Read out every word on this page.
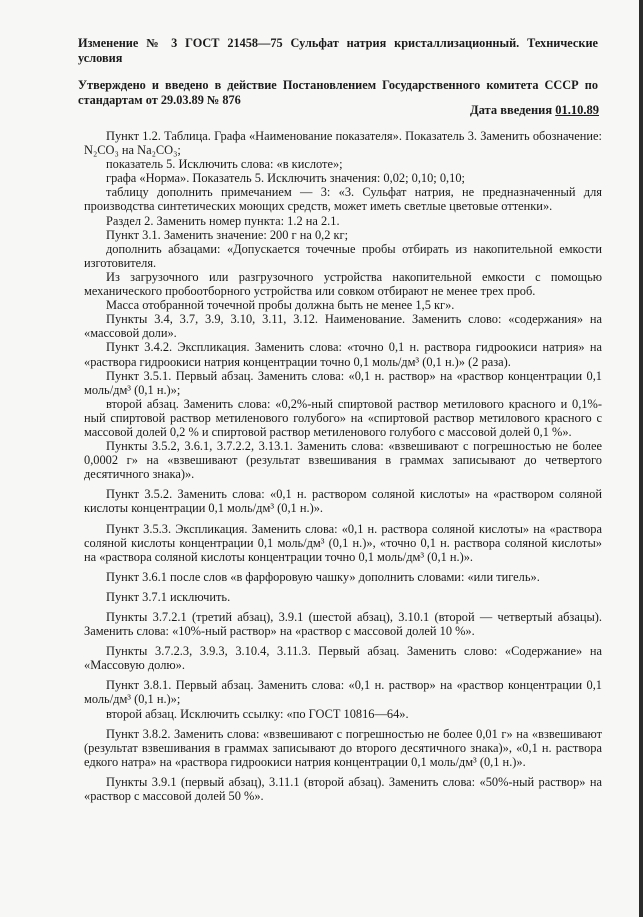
Изменение № 3 ГОСТ 21458—75 Сульфат натрия кристаллизационный. Технические условия
Утверждено и введено в действие Постановлением Государственного комитета СССР по стандартам от 29.03.89 № 876
Дата введения 01.10.89

Пункт 1.2. Таблица. Графа «Наименование показателя». Показатель 3. Заменить обозначение: N₂CO₃ на Na₂CO₃;

показатель 5. Исключить слова: «в кислоте»;

графа «Норма». Показатель 5. Исключить значения: 0,02; 0,10; 0,10;

таблицу дополнить примечанием — 3: «3. Сульфат натрия, не предназначенный для производства синтетических моющих средств, может иметь светлые цветовые оттенки».

Раздел 2. Заменить номер пункта: 1.2 на 2.1.

Пункт 3.1. Заменить значение: 200 г на 0,2 кг;

дополнить абзацами: «Допускается точечные пробы отбирать из накопительной емкости изготовителя.

Из загрузочного или разгрузочного устройства накопительной емкости с помощью механического пробоотборного устройства или совком отбирают не менее трех проб.

Масса отобранной точечной пробы должна быть не менее 1,5 кг».

Пункты 3.4, 3.7, 3.9, 3.10, 3.11, 3.12. Наименование. Заменить слово: «содержания» на «массовой доли».

Пункт 3.4.2. Экспликация. Заменить слова: «точно 0,1 н. раствора гидроокиси натрия» на «раствора гидроокиси натрия концентрации точно 0,1 моль/дм³ (0,1 н.)» (2 раза).

Пункт 3.5.1. Первый абзац. Заменить слова: «0,1 н. раствор» на «раствор концентрации 0,1 моль/дм³ (0,1 н.)»;

второй абзац. Заменить слова: «0,2%-ный спиртовой раствор метилового красного и 0,1%-ный спиртовой раствор метиленового голубого» на «спиртовой раствор метилового красного с массовой долей 0,2 % и спиртовой раствор метиленового голубого с массовой долей 0,1 %».

Пункты 3.5.2, 3.6.1, 3.7.2.2, 3.13.1. Заменить слова: «взвешивают с погрешностью не более 0,0002 г» на «взвешивают (результат взвешивания в граммах записывают до четвертого десятичного знака)».

Пункт 3.5.2. Заменить слова: «0,1 н. раствором соляной кислоты» на «раствором соляной кислоты концентрации 0,1 моль/дм³ (0,1 н.)».

Пункт 3.5.3. Экспликация. Заменить слова: «0,1 н. раствора соляной кислоты» на «раствора соляной кислоты концентрации 0,1 моль/дм³ (0,1 н.)», «точно 0,1 н. раствора соляной кислоты» на «раствора соляной кислоты концентрации точно 0,1 моль/дм³ (0,1 н.)».

Пункт 3.6.1 после слов «в фарфоровую чашку» дополнить словами: «или тигель».

Пункт 3.7.1 исключить.

Пункты 3.7.2.1 (третий абзац), 3.9.1 (шестой абзац), 3.10.1 (второй — четвертый абзацы). Заменить слова: «10%-ный раствор» на «раствор с массовой долей 10 %».

Пункты 3.7.2.3, 3.9.3, 3.10.4, 3.11.3. Первый абзац. Заменить слово: «Содержание» на «Массовую долю».

Пункт 3.8.1. Первый абзац. Заменить слова: «0,1 н. раствор» на «раствор концентрации 0,1 моль/дм³ (0,1 н.)»;

второй абзац. Исключить ссылку: «по ГОСТ 10816—64».

Пункт 3.8.2. Заменить слова: «взвешивают с погрешностью не более 0,01 г» на «взвешивают (результат взвешивания в граммах записывают до второго десятичного знака)», «0,1 н. раствора едкого натра» на «раствора гидроокиси натрия концентрации 0,1 моль/дм³ (0,1 н.)».

Пункты 3.9.1 (первый абзац), 3.11.1 (второй абзац). Заменить слова: «50%-ный раствор» на «раствор с массовой долей 50 %».
